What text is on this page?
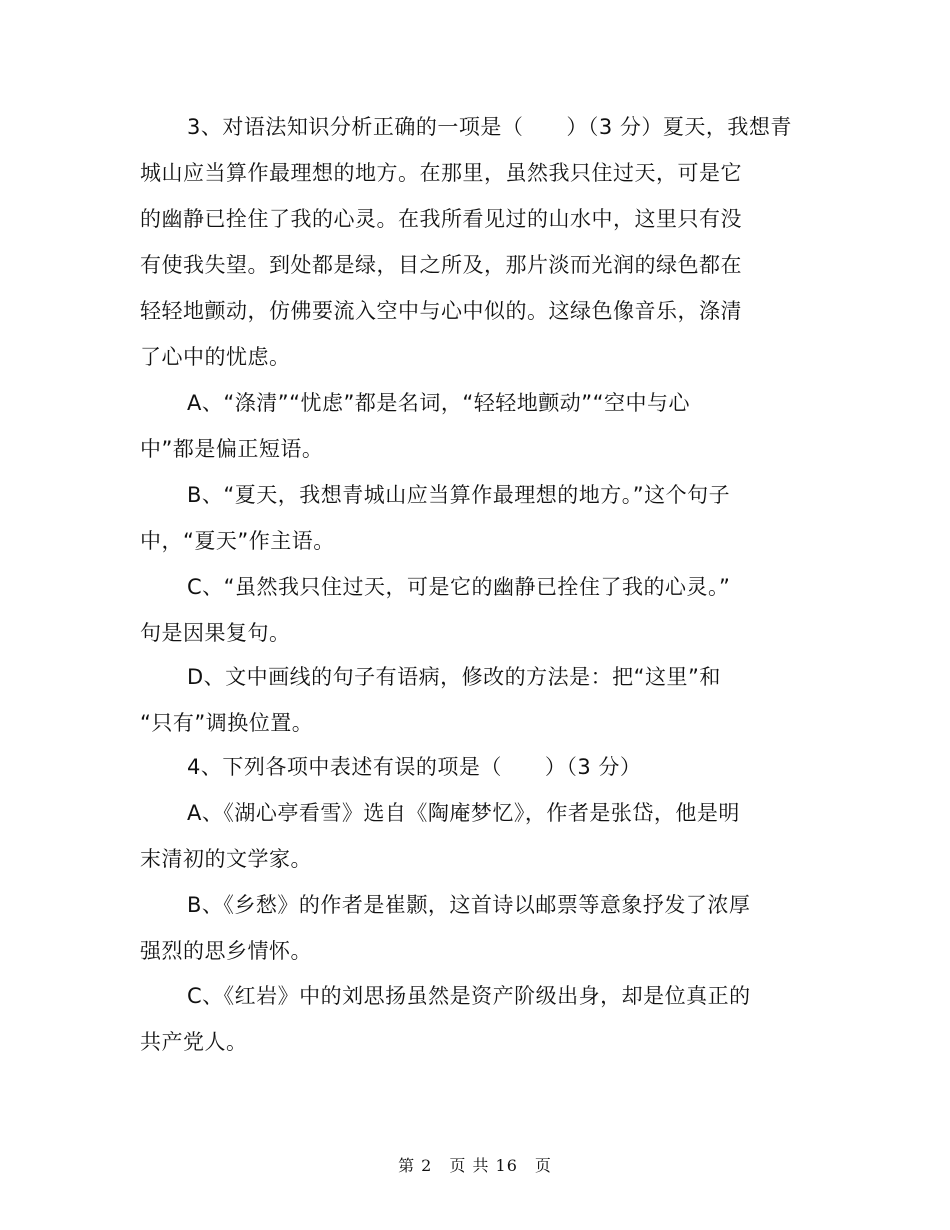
3、对语法知识分析正确的一项是（　　）（3 分）夏天，我想青

城山应当算作最理想的地方。在那里，虽然我只住过天，可是它

的幽静已拴住了我的心灵。在我所看见过的山水中，这里只有没

有使我失望。到处都是绿，目之所及，那片淡而光润的绿色都在

轻轻地颤动，仿佛要流入空中与心中似的。这绿色像音乐，涤清

了心中的忧虑。

A、“涤清”“忧虑”都是名词，“轻轻地颤动”“空中与心

中”都是偏正短语。

B、“夏天，我想青城山应当算作最理想的地方。”这个句子

中，“夏天”作主语。

C、“虽然我只住过天，可是它的幽静已拴住了我的心灵。”

句是因果复句。

D、文中画线的句子有语病，修改的方法是：把“这里”和

“只有”调换位置。

4、下列各项中表述有误的项是（　　）（3 分）

A、《湖心亭看雪》选自《陶庵梦忆》，作者是张岱，他是明

末清初的文学家。

B、《乡愁》的作者是崔颢，这首诗以邮票等意象抒发了浓厚

强烈的思乡情怀。

C、《红岩》中的刘思扬虽然是资产阶级出身，却是位真正的

共产党人。

第 2　页 共 16　页
